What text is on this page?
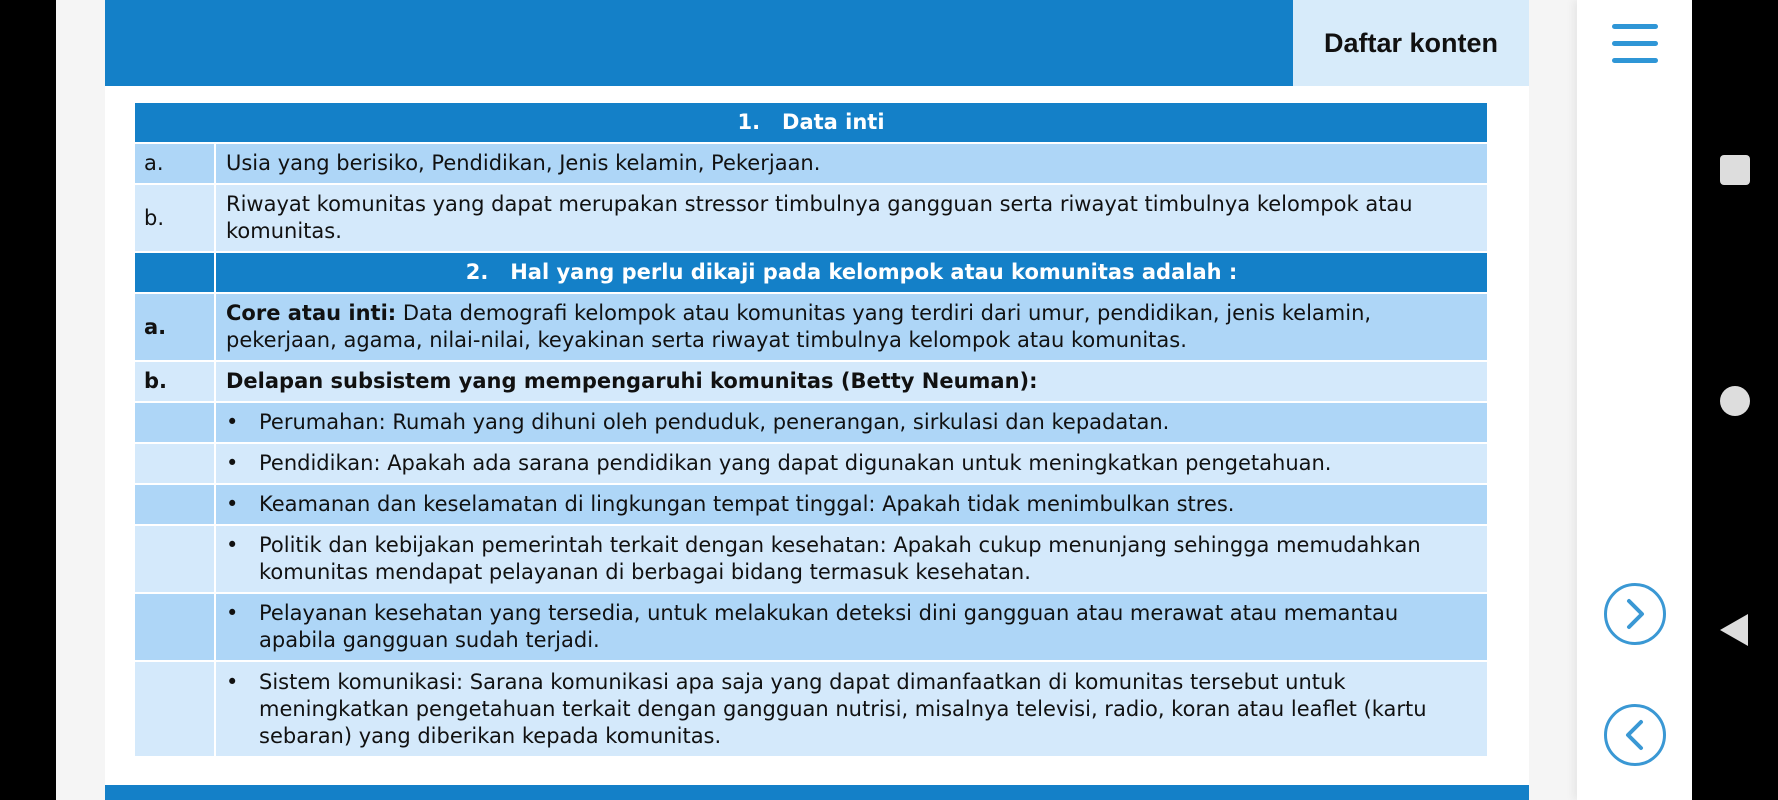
Daftar konten
1.   Data inti	
a.	Usia yang berisiko, Pendidikan, Jenis kelamin, Pekerjaan.
b.	Riwayat komunitas yang dapat merupakan stressor timbulnya gangguan serta riwayat timbulnya kelompok atau komunitas.
	2.   Hal yang perlu dikaji pada kelompok atau komunitas adalah :
a.	Core atau inti: Data demografi kelompok atau komunitas yang terdiri dari umur, pendidikan, jenis kelamin, pekerjaan, agama, nilai-nilai, keyakinan serta riwayat timbulnya kelompok atau komunitas.
b.	Delapan subsistem yang mempengaruhi komunitas (Betty Neuman):

	• Perumahan: Rumah yang dihuni oleh penduduk, penerangan, sirkulasi dan kepadatan.

	• Pendidikan: Apakah ada sarana pendidikan yang dapat digunakan untuk meningkatkan pengetahuan.

	• Keamanan dan keselamatan di lingkungan tempat tinggal: Apakah tidak menimbulkan stres.

	• Politik dan kebijakan pemerintah terkait dengan kesehatan: Apakah cukup menunjang sehingga memudahkan komunitas mendapat pelayanan di berbagai bidang termasuk kesehatan.

	• Pelayanan kesehatan yang tersedia, untuk melakukan deteksi dini gangguan atau merawat atau memantau apabila gangguan sudah terjadi.

	• Sistem komunikasi: Sarana komunikasi apa saja yang dapat dimanfaatkan di komunitas tersebut untuk meningkatkan pengetahuan terkait dengan gangguan nutrisi, misalnya televisi, radio, koran atau leaflet (kartu sebaran) yang diberikan kepada komunitas.
